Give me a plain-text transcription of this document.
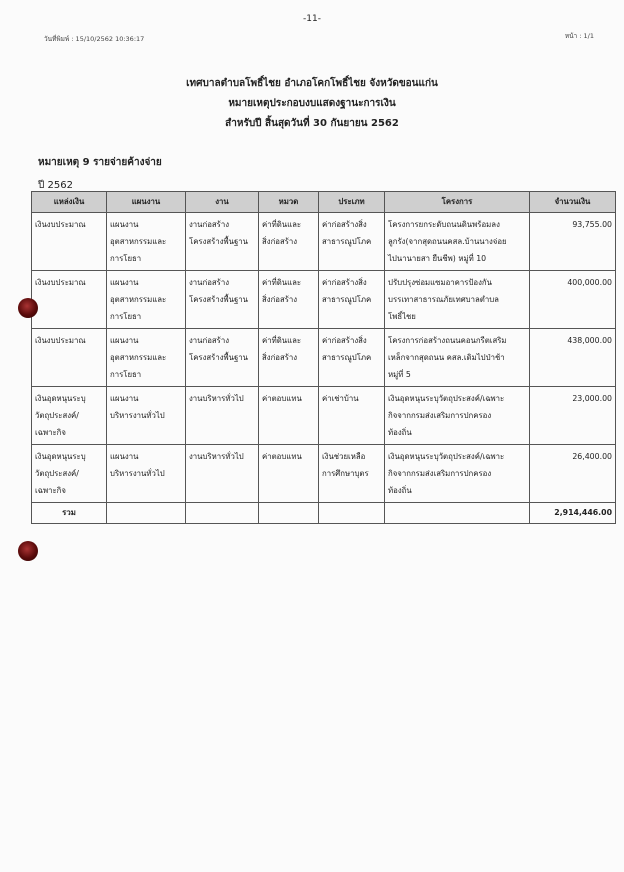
-11-
วันที่พิมพ์ : 15/10/2562 10:36:17	หน้า : 1/1
เทศบาลตำบลโพธิ์ไชย อำเภอโคกโพธิ์ไชย จังหวัดขอนแก่น
หมายเหตุประกอบงบแสดงฐานะการเงิน
สำหรับปี สิ้นสุดวันที่ 30 กันยายน 2562
หมายเหตุ 9 รายจ่ายค้างจ่าย
ปี 2562
แหล่งเงิน	แผนงาน	งาน	หมวด	ประเภท	โครงการ	จำนวนเงิน
เงินงบประมาณ	แผนงาน
อุตสาหกรรมและ
การโยธา	งานก่อสร้าง
โครงสร้างพื้นฐาน	ค่าที่ดินและ
สิ่งก่อสร้าง	ค่าก่อสร้างสิ่ง
สาธารณูปโภค	โครงการยกระดับถนนดินพร้อมลง
ลูกรัง(จากสุดถนนคสล.บ้านนางจ่อย
ไปนานายสา ยืนชีพ) หมู่ที่ 10	93,755.00
เงินงบประมาณ	แผนงาน
อุตสาหกรรมและ
การโยธา	งานก่อสร้าง
โครงสร้างพื้นฐาน	ค่าที่ดินและ
สิ่งก่อสร้าง	ค่าก่อสร้างสิ่ง
สาธารณูปโภค	ปรับปรุงซ่อมแซมอาคารป้องกัน
บรรเทาสาธารณภัยเทศบาลตำบล
โพธิ์ไชย	400,000.00
เงินงบประมาณ	แผนงาน
อุตสาหกรรมและ
การโยธา	งานก่อสร้าง
โครงสร้างพื้นฐาน	ค่าที่ดินและ
สิ่งก่อสร้าง	ค่าก่อสร้างสิ่ง
สาธารณูปโภค	โครงการก่อสร้างถนนคอนกรีตเสริม
เหล็กจากสุดถนน คสล.เดิมไปป่าช้า
หมู่ที่ 5	438,000.00
เงินอุดหนุนระบุ
วัตถุประสงค์/
เฉพาะกิจ	แผนงาน
บริหารงานทั่วไป	งานบริหารทั่วไป	ค่าตอบแทน	ค่าเช่าบ้าน	เงินอุดหนุนระบุวัตถุประสงค์/เฉพาะ
กิจจากกรมส่งเสริมการปกครอง
ท้องถิ่น	23,000.00
เงินอุดหนุนระบุ
วัตถุประสงค์/
เฉพาะกิจ	แผนงาน
บริหารงานทั่วไป	งานบริหารทั่วไป	ค่าตอบแทน	เงินช่วยเหลือ
การศึกษาบุตร	เงินอุดหนุนระบุวัตถุประสงค์/เฉพาะ
กิจจากกรมส่งเสริมการปกครอง
ท้องถิ่น	26,400.00
รวม						2,914,446.00
